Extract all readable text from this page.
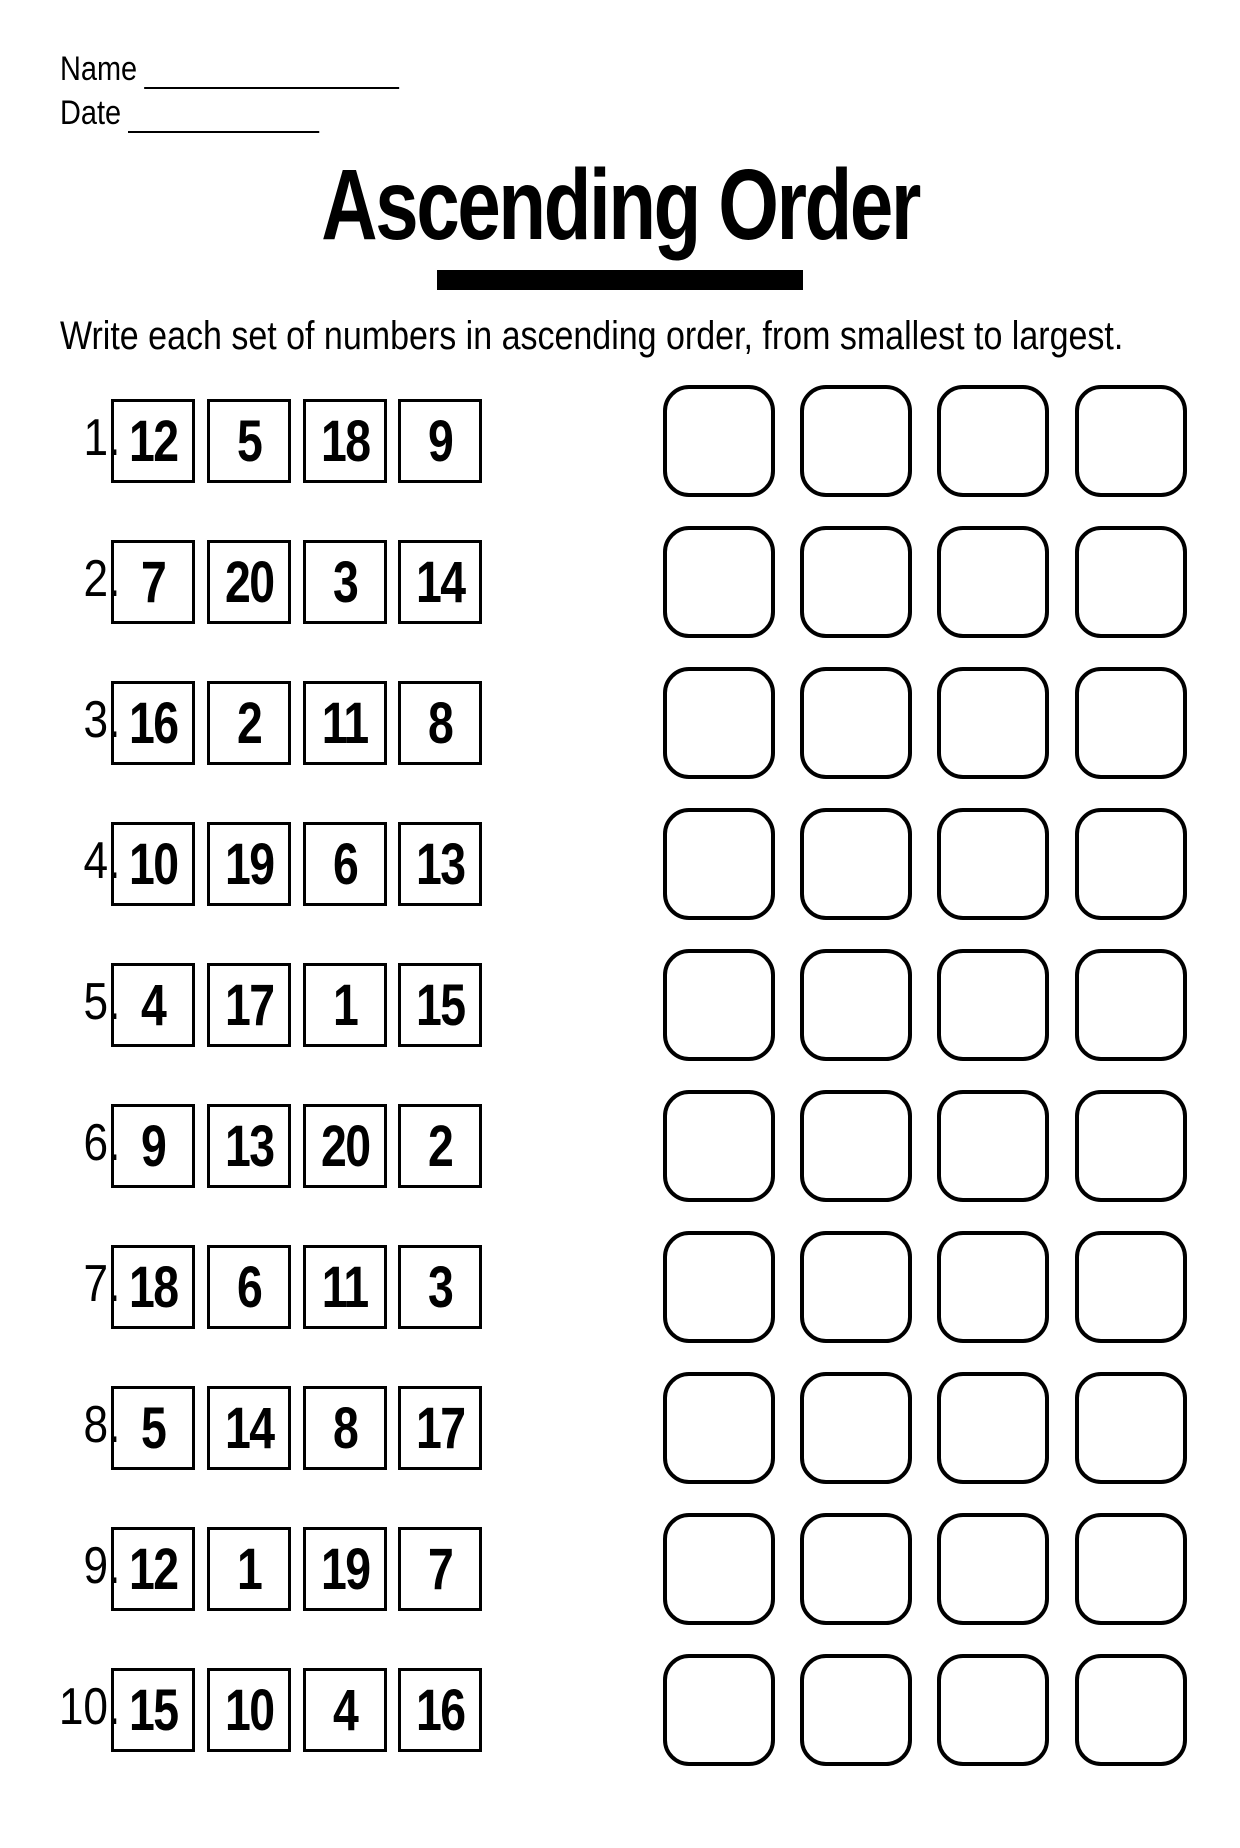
Name
Date
Ascending Order
Write each set of numbers in ascending order, from smallest to largest.
1. 12 5 18 9
2. 7 20 3 14
3. 16 2 11 8
4. 10 19 6 13
5. 4 17 1 15
6. 9 13 20 2
7. 18 6 11 3
8. 5 14 8 17
9. 12 1 19 7
10. 15 10 4 16
